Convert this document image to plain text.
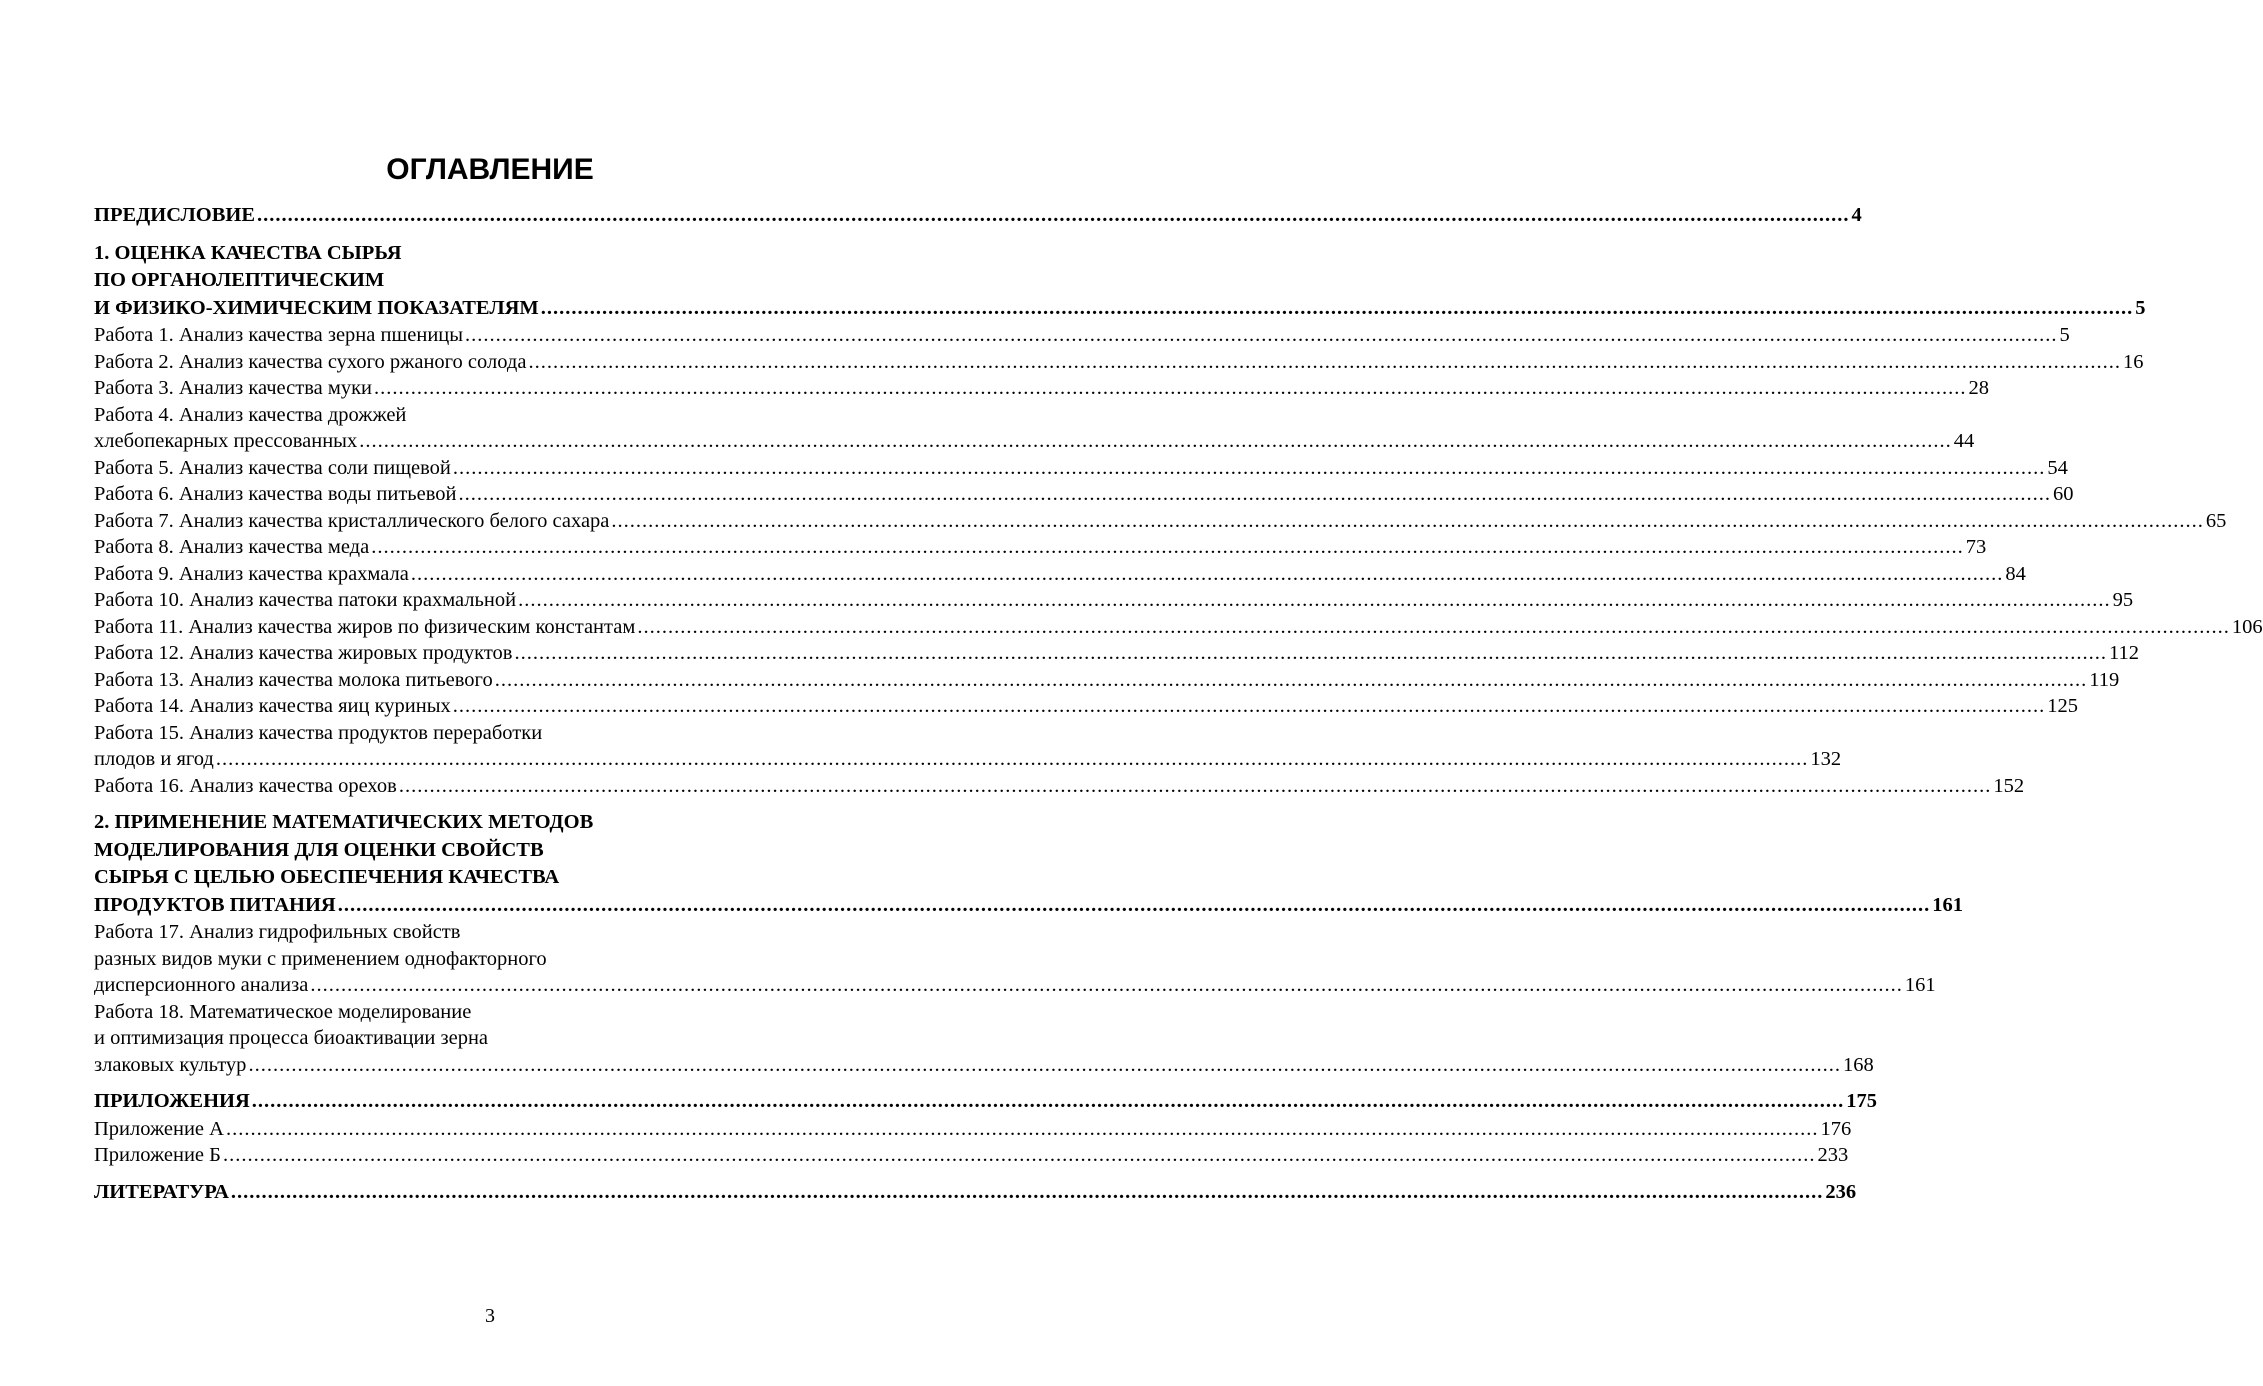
ОГЛАВЛЕНИЕ
ПРЕДИСЛОВИЕ .................................................................................................................................................................................................................................................................... 4
1. ОЦЕНКА КАЧЕСТВА СЫРЬЯ
ПО ОРГАНОЛЕПТИЧЕСКИМ
И ФИЗИКО-ХИМИЧЕСКИМ ПОКАЗАТЕЛЯМ .................................................................................................................................................................................................................................................................... 5
Работа 1. Анализ качества зерна пшеницы .................................................................................................................................................................................................................................................................... 5
Работа 2. Анализ качества сухого ржаного солода .................................................................................................................................................................................................................................................................... 16
Работа 3. Анализ качества муки .................................................................................................................................................................................................................................................................... 28
Работа 4. Анализ качества дрожжей
хлебопекарных прессованных .................................................................................................................................................................................................................................................................... 44
Работа 5. Анализ качества соли пищевой .................................................................................................................................................................................................................................................................... 54
Работа 6. Анализ качества воды питьевой .................................................................................................................................................................................................................................................................... 60
Работа 7. Анализ качества кристаллического белого сахара .................................................................................................................................................................................................................................................................... 65
Работа 8. Анализ качества меда .................................................................................................................................................................................................................................................................... 73
Работа 9. Анализ качества крахмала .................................................................................................................................................................................................................................................................... 84
Работа 10. Анализ качества патоки крахмальной .................................................................................................................................................................................................................................................................... 95
Работа 11. Анализ качества жиров по физическим константам .................................................................................................................................................................................................................................................................... 106
Работа 12. Анализ качества жировых продуктов .................................................................................................................................................................................................................................................................... 112
Работа 13. Анализ качества молока питьевого .................................................................................................................................................................................................................................................................... 119
Работа 14. Анализ качества яиц куриных .................................................................................................................................................................................................................................................................... 125
Работа 15. Анализ качества продуктов переработки
плодов и ягод .................................................................................................................................................................................................................................................................... 132
Работа 16. Анализ качества орехов .................................................................................................................................................................................................................................................................... 152
2. ПРИМЕНЕНИЕ МАТЕМАТИЧЕСКИХ МЕТОДОВ
МОДЕЛИРОВАНИЯ ДЛЯ ОЦЕНКИ СВОЙСТВ
СЫРЬЯ С ЦЕЛЬЮ ОБЕСПЕЧЕНИЯ КАЧЕСТВА
ПРОДУКТОВ ПИТАНИЯ .................................................................................................................................................................................................................................................................... 161
Работа 17. Анализ гидрофильных свойств
разных видов муки с применением однофакторного
дисперсионного анализа .................................................................................................................................................................................................................................................................... 161
Работа 18. Математическое моделирование
и оптимизация процесса биоактивации зерна
злаковых культур .................................................................................................................................................................................................................................................................... 168
ПРИЛОЖЕНИЯ .................................................................................................................................................................................................................................................................... 175
Приложение А .................................................................................................................................................................................................................................................................... 176
Приложение Б .................................................................................................................................................................................................................................................................... 233
ЛИТЕРАТУРА .................................................................................................................................................................................................................................................................... 236
3
